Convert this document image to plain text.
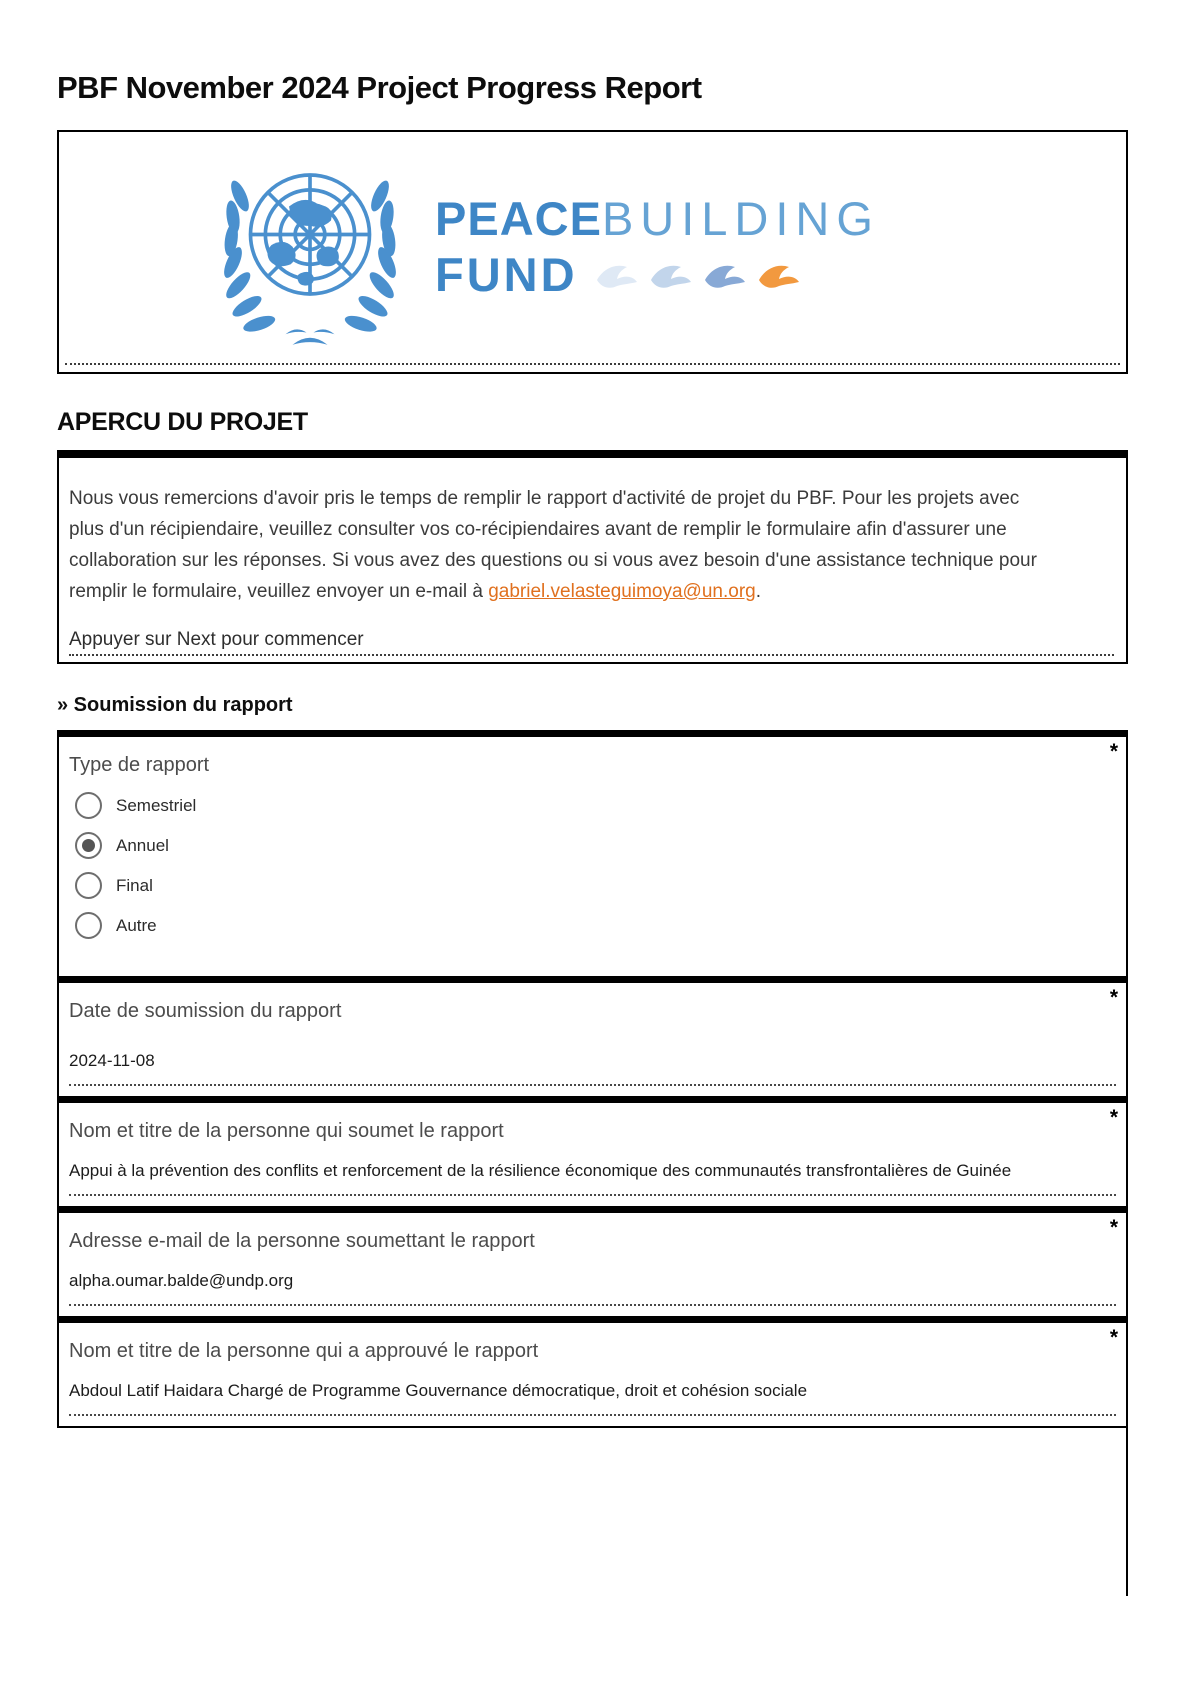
PBF November 2024 Project Progress Report
PEACEBUILDING
FUND
APERCU DU PROJET

Nous vous remercions d'avoir pris le temps de remplir le rapport d'activité de projet du PBF. Pour les projets avec plus d'un récipiendaire, veuillez consulter vos co-récipiendaires avant de remplir le formulaire afin d'assurer une collaboration sur les réponses. Si vous avez des questions ou si vous avez besoin d'une assistance technique pour remplir le formulaire, veuillez envoyer un e-mail à gabriel.velasteguimoya@un.org.

Appuyer sur Next pour commencer

» Soumission du rapport
*
Type de rapport
Semestriel
Annuel
Final
Autre
*
Date de soumission du rapport
2024-11-08
*
Nom et titre de la personne qui soumet le rapport
Appui à la prévention des conflits et renforcement de la résilience économique des communautés transfrontalières de Guinée
*
Adresse e-mail de la personne soumettant le rapport
alpha.oumar.balde@undp.org
*
Nom et titre de la personne qui a approuvé le rapport
Abdoul Latif Haidara Chargé de Programme Gouvernance démocratique, droit et cohésion sociale
